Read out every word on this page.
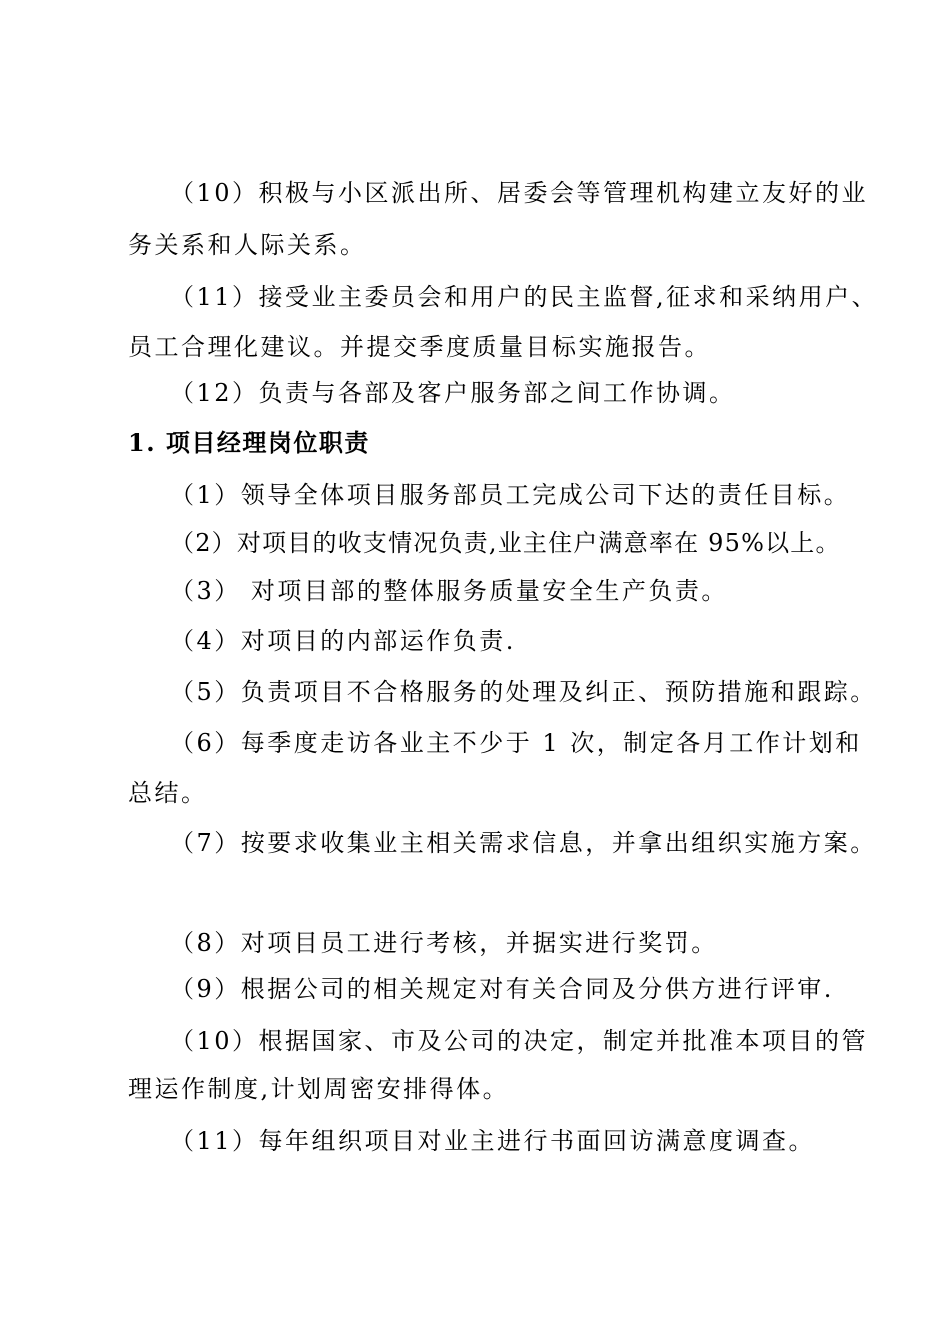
（10）积极与小区派出所、居委会等管理机构建立友好的业
务关系和人际关系。
（11）接受业主委员会和用户的民主监督,征求和采纳用户、
员工合理化建议。并提交季度质量目标实施报告。
（12）负责与各部及客户服务部之间工作协调。
1. 项目经理岗位职责
（1）领导全体项目服务部员工完成公司下达的责任目标。
（2）对项目的收支情况负责,业主住户满意率在 95%以上。
（3） 对项目部的整体服务质量安全生产负责。
（4）对项目的内部运作负责.
（5）负责项目不合格服务的处理及纠正、预防措施和跟踪。
（6）每季度走访各业主不少于 1 次，制定各月工作计划和
总结。
（7）按要求收集业主相关需求信息，并拿出组织实施方案。
（8）对项目员工进行考核，并据实进行奖罚。
（9）根据公司的相关规定对有关合同及分供方进行评审.
（10）根据国家、市及公司的决定，制定并批准本项目的管
理运作制度,计划周密安排得体。
（11）每年组织项目对业主进行书面回访满意度调查。
